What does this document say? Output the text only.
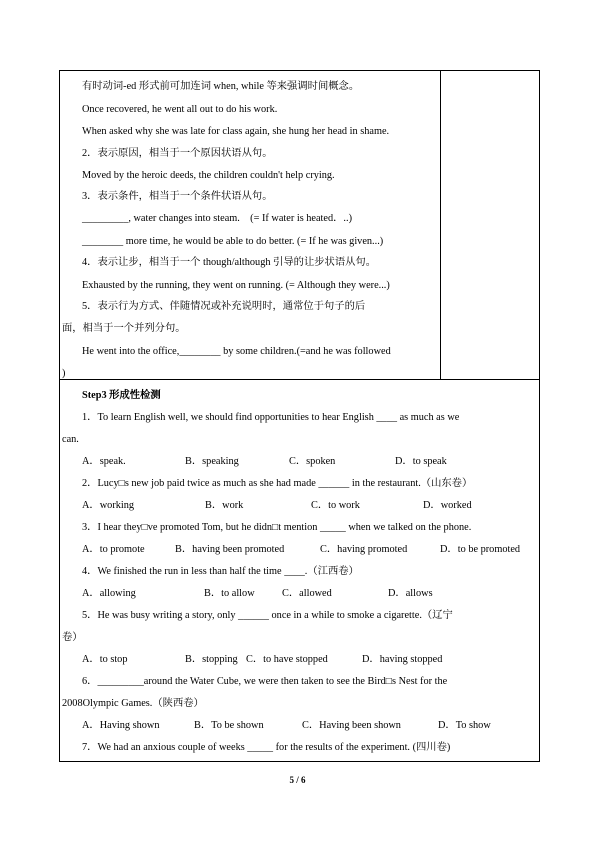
有时动词-ed 形式前可加连词 when, while 等来强调时间概念。
Once recovered, he went all out to do his work.
When asked why she was late for class again, she hung her head in shame.
2．表示原因，相当于一个原因状语从句。
Moved by the heroic deeds, the children couldn't help crying.
3．表示条件，相当于一个条件状语从句。
_________, water changes into steam.　(= If water is heated．..)
________ more time, he would be able to do better. (= If he was given...)
4．表示让步，相当于一个 though/although 引导的让步状语从句。
Exhausted by the running, they went on running. (= Although they were...)
5．表示行为方式、伴随情况或补充说明时，通常位于句子的后
面，相当于一个并列分句。
He went into the office,________ by some children.(=and he was followed
)
Step3 形成性检测
1．To learn English well, we should find opportunities to hear English ____ as much as we
can.
A．speak.	B．speaking	C．spoken	D．to speak
2．Lucy□s new job paid twice as much as she had made ______ in the restaurant.（山东卷）
A．working	B．work	C．to work	D．worked
3．I hear they□ve promoted Tom, but he didn□t mention _____ when we talked on the phone.
A．to promote	B．having been promoted	C．having promoted	D．to be promoted
4．We finished the run in less than half the time ____.（江西卷）
A．allowing	B．to allow	C．allowed	D．allows
5．He was busy writing a story, only ______ once in a while to smoke a cigarette.（辽宁
卷）
A．to stop	B．stopping C．to have stopped	D．having stopped
6．_________around the Water Cube, we were then taken to see the Bird□s Nest for the
2008Olympic Games.（陕西卷）
A．Having shown	B．To be shown	C．Having been shown	D．To show
7．We had an anxious couple of weeks _____ for the results of the experiment. (四川卷)
5 / 6
